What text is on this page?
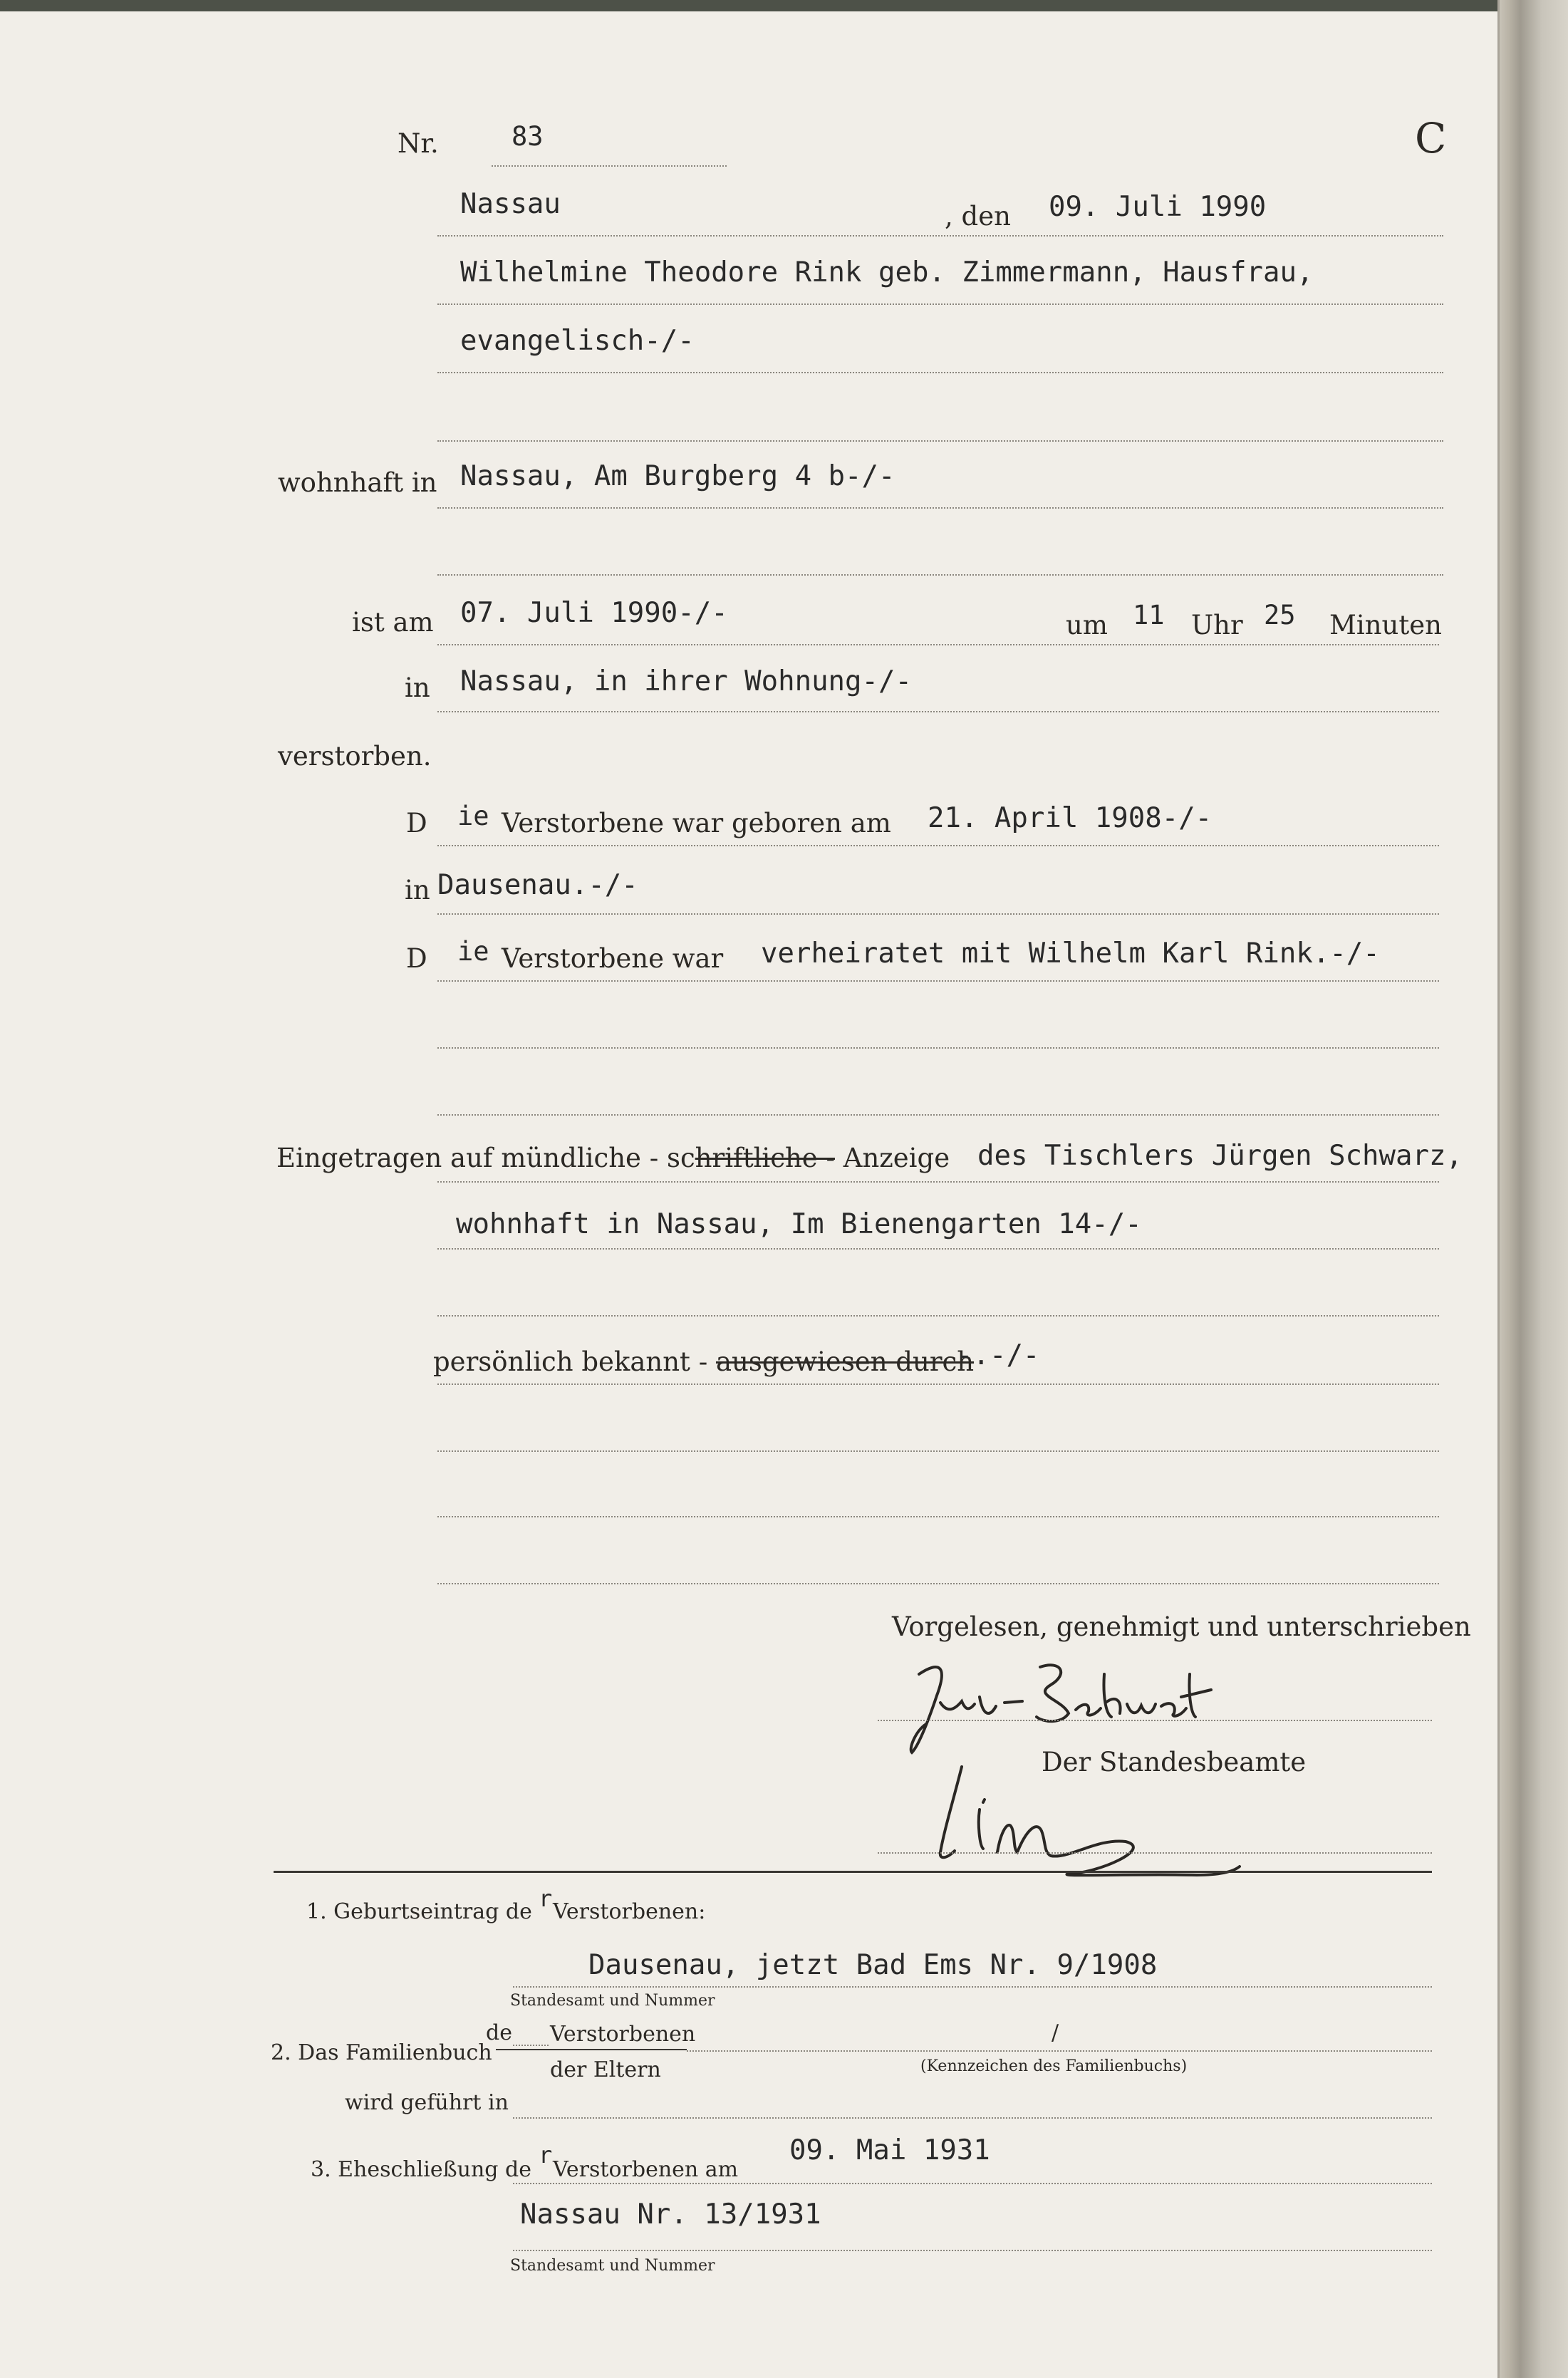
Nr.	83	C
Nassau	, den 09. Juli 1990
Wilhelmine Theodore Rink geb. Zimmermann, Hausfrau,
evangelisch-/-
wohnhaft in Nassau, Am Burgberg 4 b-/-
ist am 07. Juli 1990-/-	um 11 Uhr 25 Minuten
in Nassau, in ihrer Wohnung-/-
verstorben.
D ie Verstorbene war geboren am 21. April 1908-/-
in Dausenau.-/-
D ie Verstorbene war verheiratet mit Wilhelm Karl Rink.-/-
Eingetragen auf mündliche - schriftliche - Anzeige des Tischlers Jürgen Schwarz,
wohnhaft in Nassau, Im Bienengarten 14-/-
persönlich bekannt - ausgewiesen durch
-.-/-
Vorgelesen, genehmigt und unterschrieben
Der Standesbeamte
1. Geburtseintrag de r Verstorbenen:
Dausenau, jetzt Bad Ems Nr. 9/1908
Standesamt und Nummer
2. Das Familienbuch
de Verstorbenen	/
der Eltern	(Kennzeichen des Familienbuchs)
wird geführt in
3. Eheschließung de
r
Verstorbenen am
09. Mai 1931
Nassau Nr. 13/1931
Standesamt und Nummer
